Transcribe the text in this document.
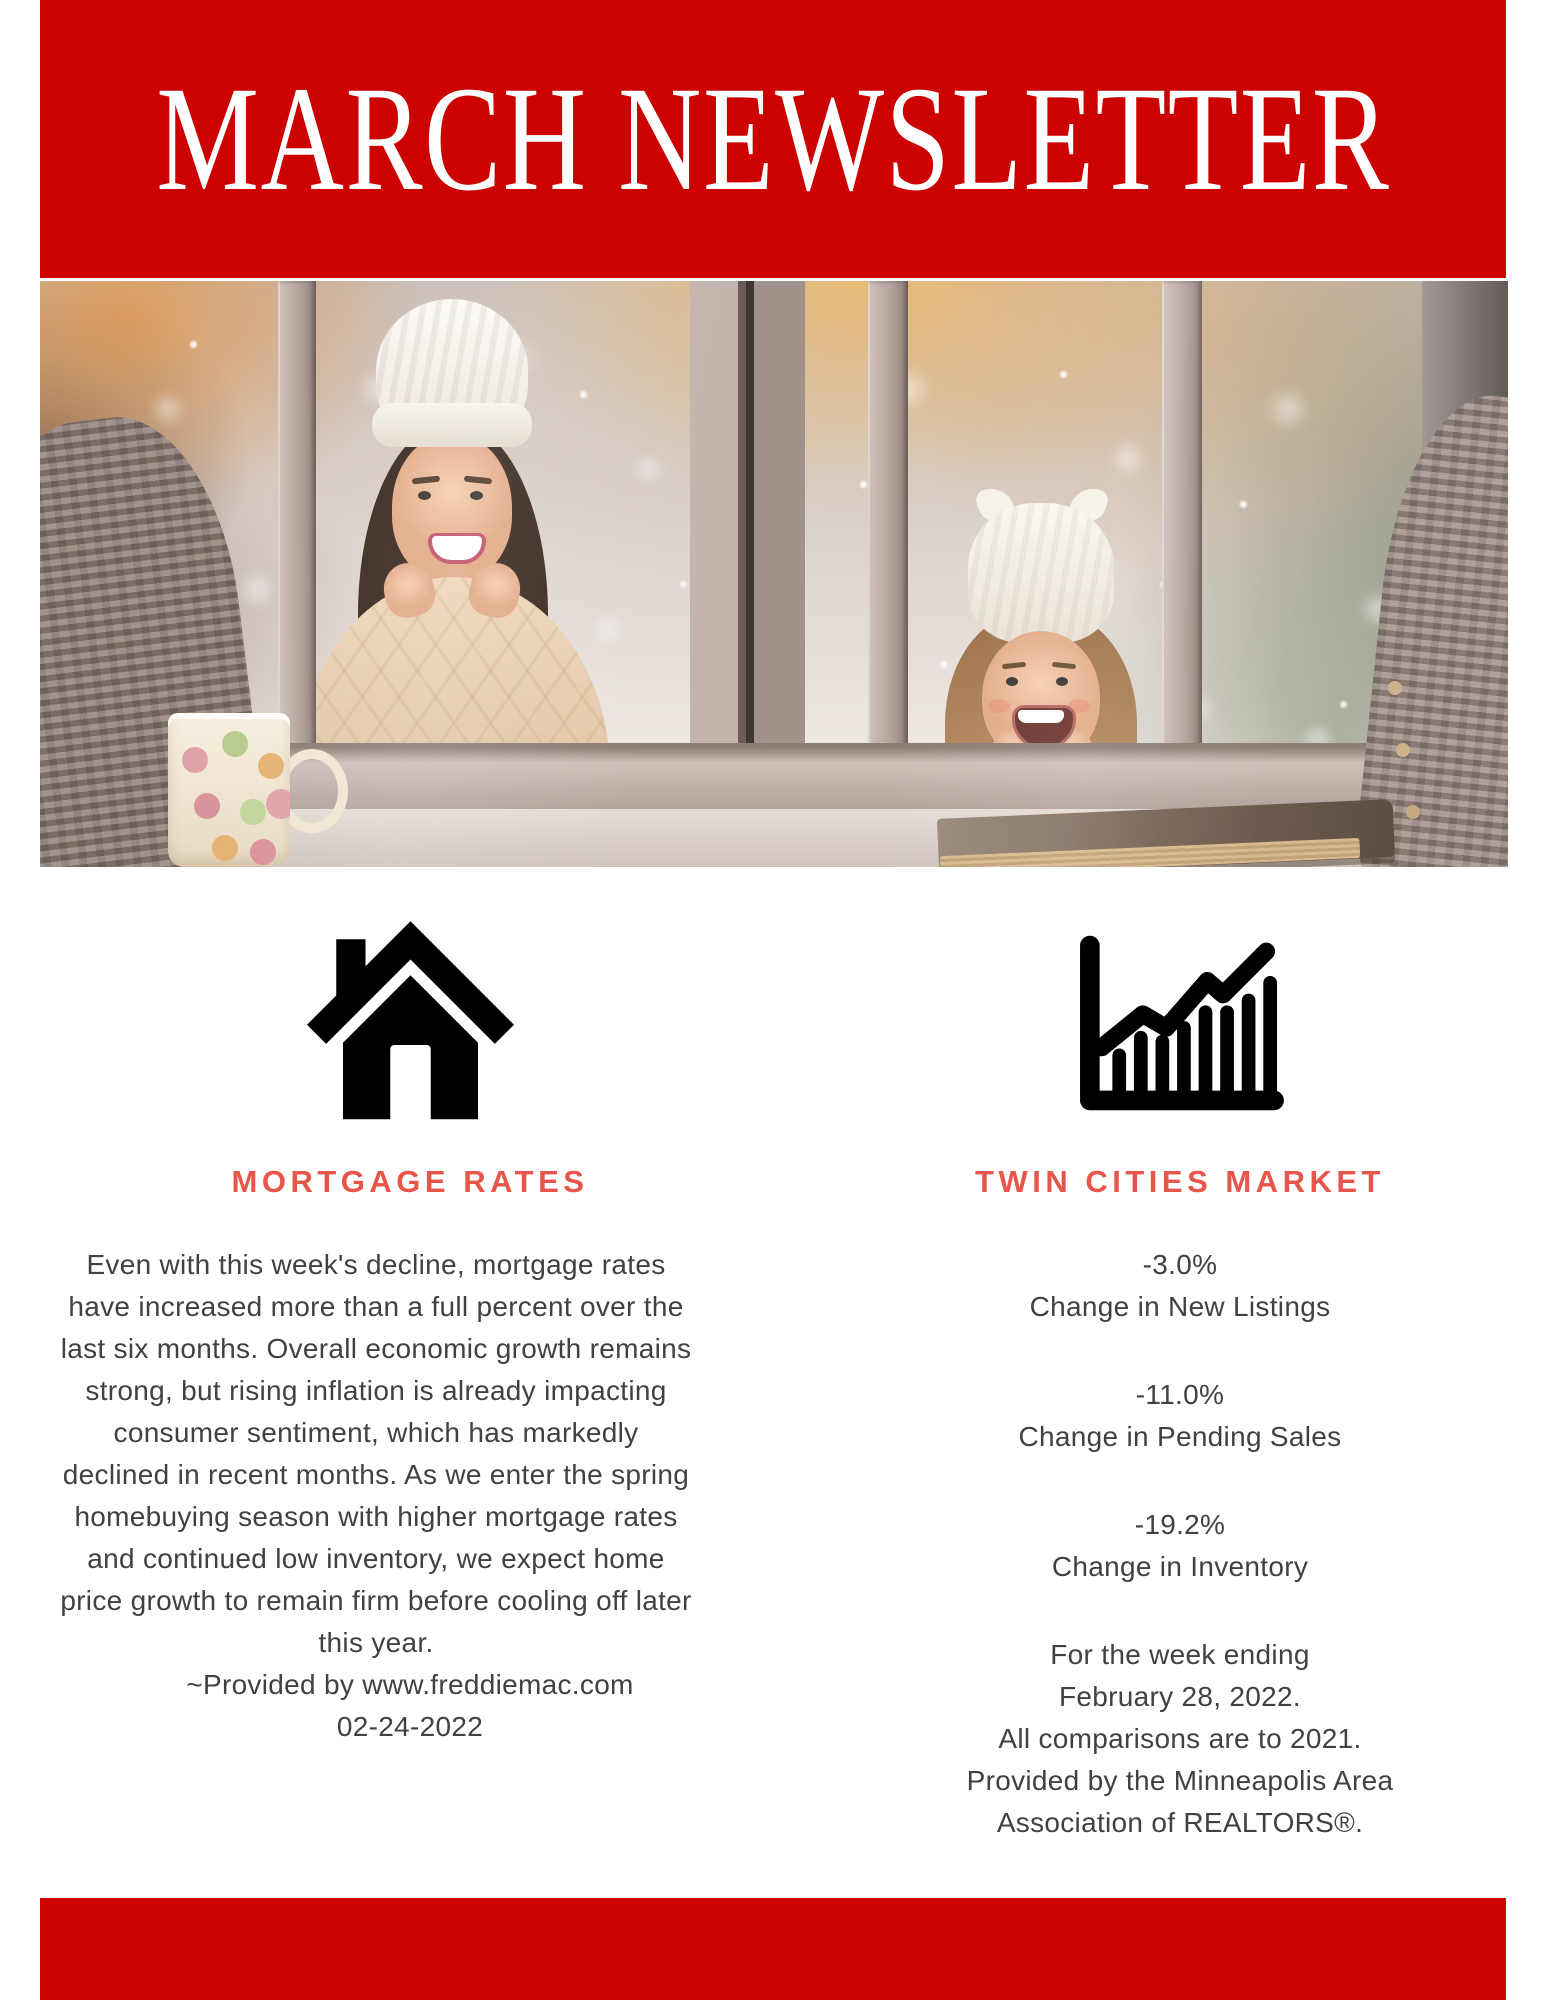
MARCH NEWSLETTER
MORTGAGE RATES

Even with this week's decline, mortgage rates have increased more than a full percent over the last six months. Overall economic growth remains strong, but rising inflation is already impacting consumer sentiment, which has markedly declined in recent months. As we enter the spring homebuying season with higher mortgage rates and continued low inventory, we expect home price growth to remain firm before cooling off later this year.

~Provided by www.freddiemac.com
02-24-2022
TWIN CITIES MARKET
-3.0%
Change in New Listings
-11.0%
Change in Pending Sales
-19.2%
Change in Inventory
For the week ending
February 28, 2022.
All comparisons are to 2021.
Provided by the Minneapolis Area
Association of REALTORS®.
